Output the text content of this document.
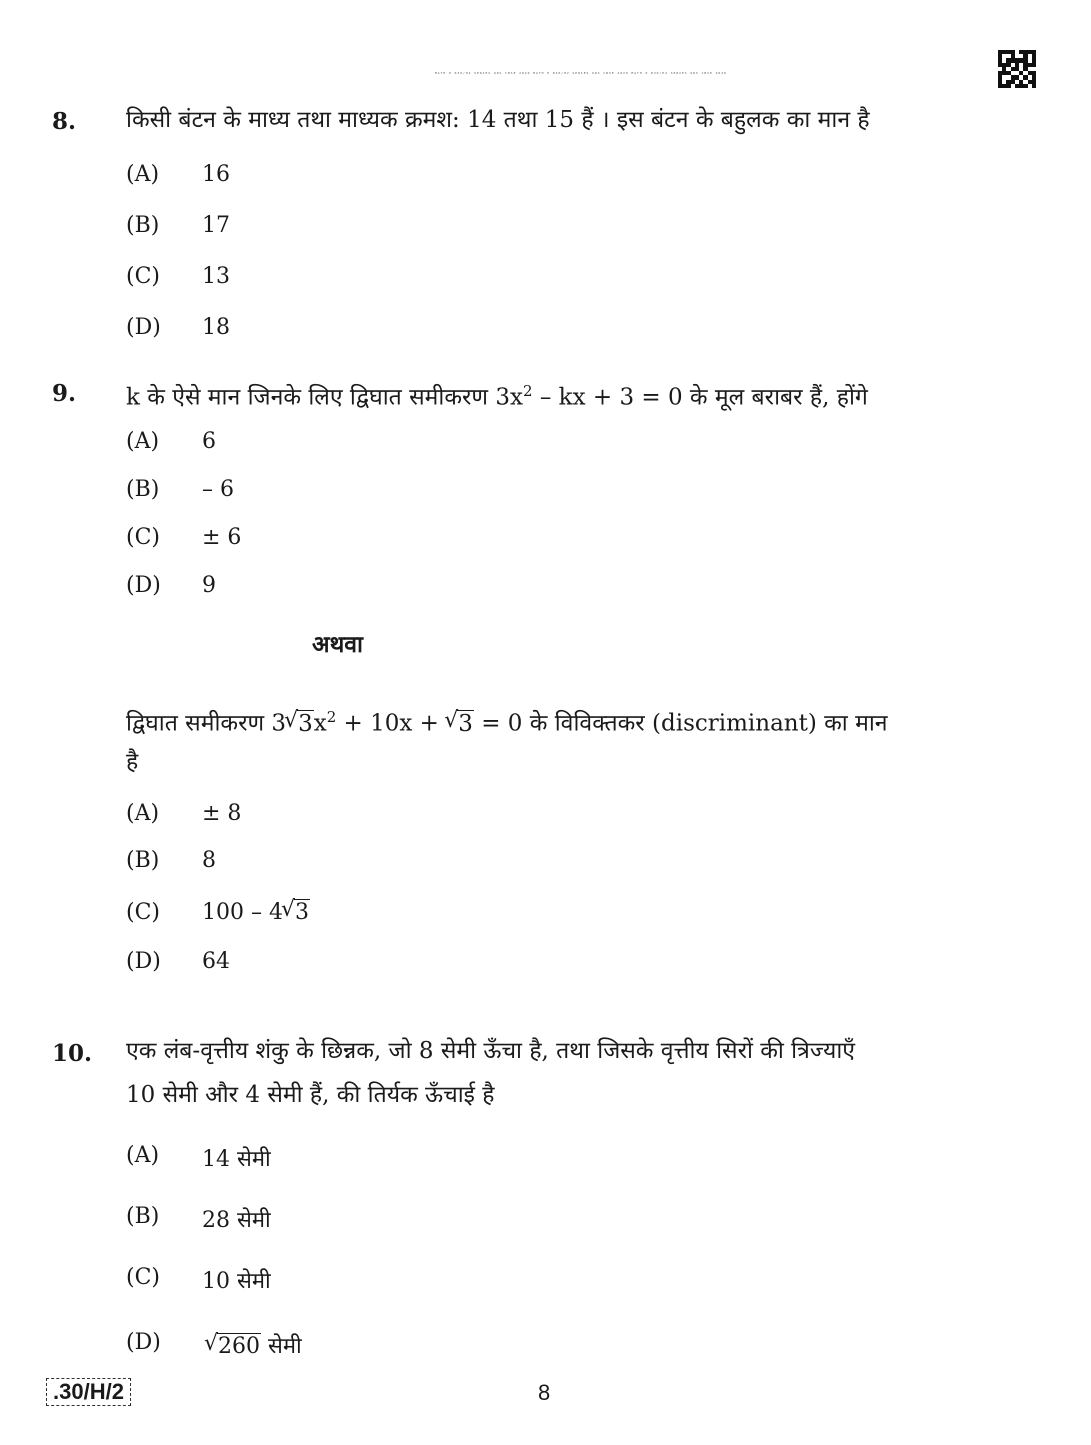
MATH P R30/H2 SERIES QRS CBSE 2020 MATH P R30/H2 SERIES QRS CBSE 2020 MATH P R30/H2 SERIES QRS CBSE 2020
8. किसी बंटन के माध्य तथा माध्यक क्रमश: 14 तथा 15 हैं । इस बंटन के बहुलक का मान है
(A) 16
(B) 17
(C) 13
(D) 18
9. k के ऐसे मान जिनके लिए द्विघात समीकरण $3x^2$ – kx + 3 = 0 के मूल बराबर हैं, होंगे
(A) 6
(B) – 6
(C) ± 6
(D) 9
अथवा
द्विघात समीकरण 3 √ $3x^2 + 10x$ + √ 3 = 0 के विविक्तकर (discriminant) का मान
है
(A) ± 8
(B) 8
(C) 100 – 4 √ 3
(D) 64
10. एक लंब-वृत्तीय शंकु के छिन्नक, जो 8 सेमी ऊँचा है, तथा जिसके वृत्तीय सिरों की त्रिज्याएँ
10 सेमी और 4 सेमी हैं, की तिर्यक ऊँचाई है
(A) 14 सेमी
(B) 28 सेमी
(C) 10 सेमी
(D)	√ 260 सेमी
.30/H/2	8
